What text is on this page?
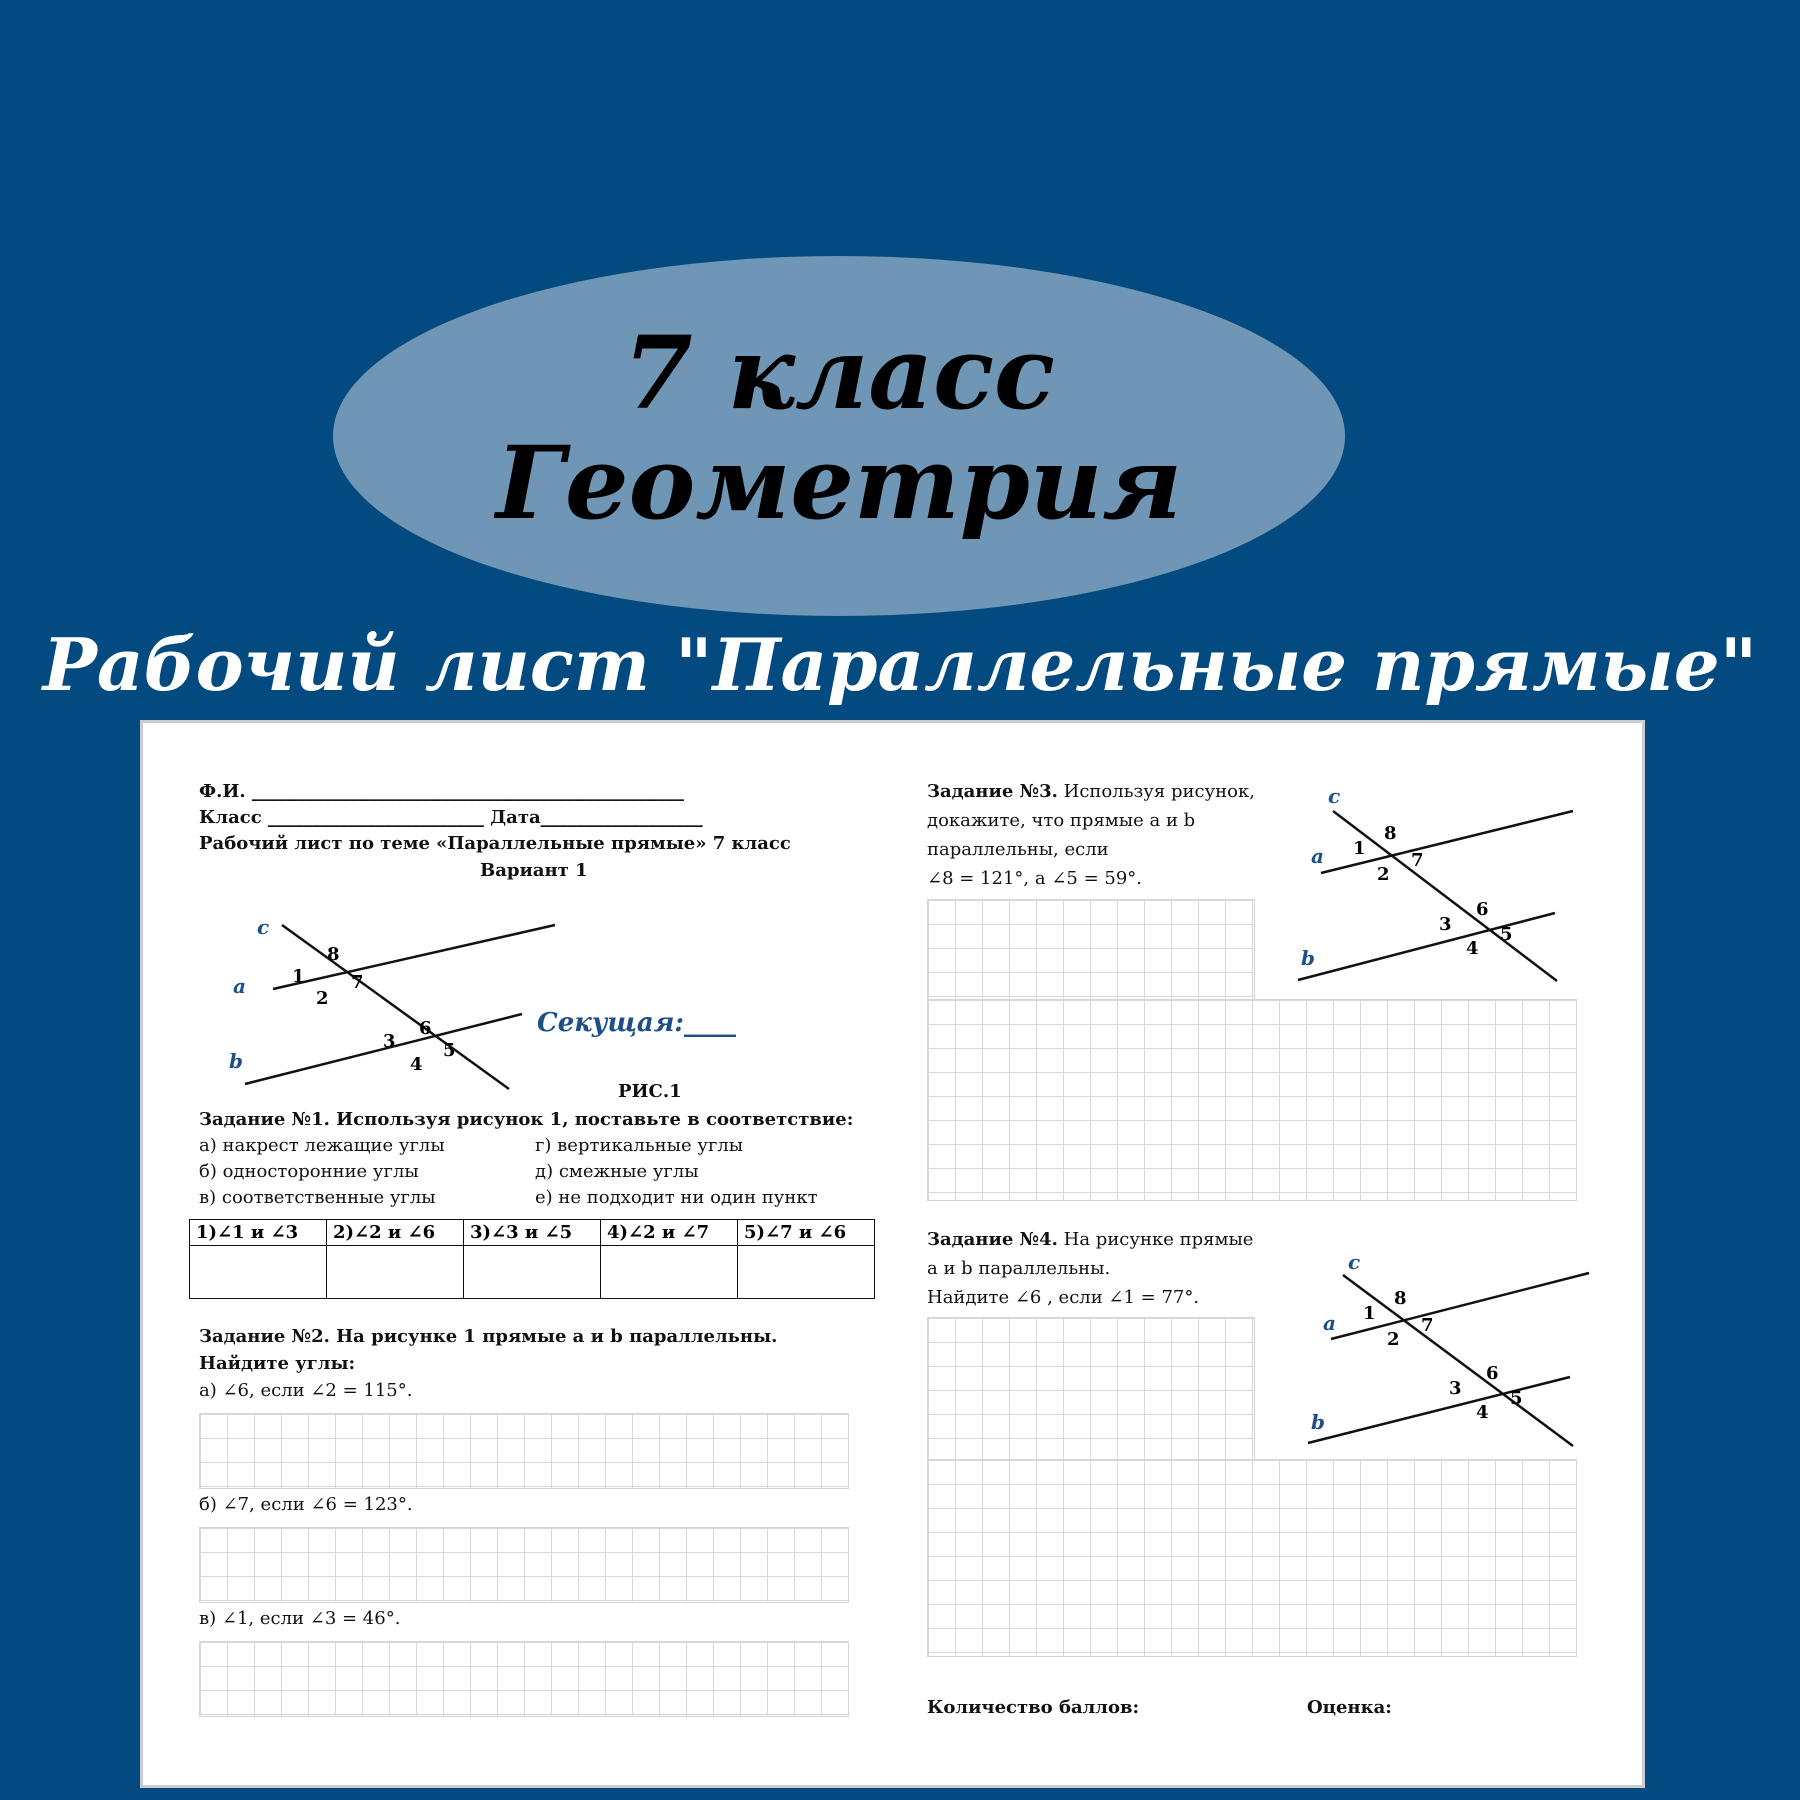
7 класс
Геометрия
Рабочий лист "Параллельные прямые"
Ф.И. ________________________________________________
Класс ________________________ Дата__________________
Рабочий лист по теме «Параллельные прямые» 7 класс
Вариант 1
c
a
b
1
8
7
2
6
3	5
4
Секущая:____
РИС.1
Задание №1. Используя рисунок 1, поставьте в соответствие:
а) накрест лежащие углы
б) односторонние углы
в) соответственные углы
г) вертикальные углы
д) смежные углы
е) не подходит ни один пункт
1)∠1 и ∠3	2)∠2 и ∠6	3)∠3 и ∠5	4)∠2 и ∠7	5)∠7 и ∠6

Задание №2. На рисунке 1 прямые a и b параллельны.
Найдите углы:
а) ∠6, если ∠2 = 115°.
б) ∠7, если ∠6 = 123°.
в) ∠1, если ∠3 = 46°.
Задание №3. Используя рисунок,
докажите, что прямые a и b
параллельны, если
∠8 = 121°, а ∠5 = 59°.
c
a
b
1
8
7
2
6
3	5
4
Задание №4. На рисунке прямые
a и b параллельны.
Найдите ∠6 , если ∠1 = 77°.
c
a
b
1
8
7
2
6
3	5
4
Количество баллов:	Оценка:
